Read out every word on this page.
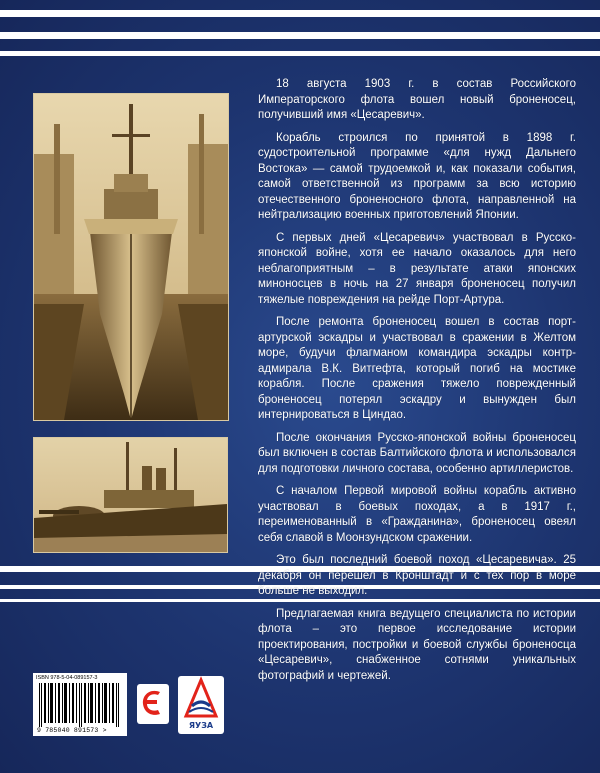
18 августа 1903 г. в состав Российского Императорского флота вошел новый броненосец, получивший имя «Цесаревич».

Корабль строился по принятой в 1898 г. судостроительной программе «для нужд Дальнего Востока» — самой трудоемкой и, как показали события, самой ответственной из программ за всю историю отечественного броненосного флота, направленной на нейтрализацию военных приготовлений Японии.

С первых дней «Цесаревич» участвовал в Русско-японской войне, хотя ее начало оказалось для него неблагоприятным – в результате атаки японских миноносцев в ночь на 27 января броненосец получил тяжелые повреждения на рейде Порт-Артура.

После ремонта броненосец вошел в состав порт-артурской эскадры и участвовал в сражении в Желтом море, будучи флагманом командира эскадры контр-адмирала В.К. Витгефта, который погиб на мостике корабля. После сражения тяжело поврежденный броненосец потерял эскадру и вынужден был интернироваться в Циндао.

После окончания Русско-японской войны броненосец был включен в состав Балтийского флота и использовался для подготовки личного состава, особенно артиллеристов.

С началом Первой мировой войны корабль активно участвовал в боевых походах, а в 1917 г., переименованный в «Гражданина», броненосец овеял себя славой в Моонзундском сражении.

Это был последний боевой поход «Цесаревича». 25 декабря он перешел в Кронштадт и с тех пор в море больше не выходил.

Предлагаемая книга ведущего специалиста по истории флота – это первое исследование истории проектирования, постройки и боевой службы броненосца «Цесаревич», снабженное сотнями уникальных фотографий и чертежей.

ISBN 978-5-04-089157-3
9 785040 891573 >
ЯУЗА
